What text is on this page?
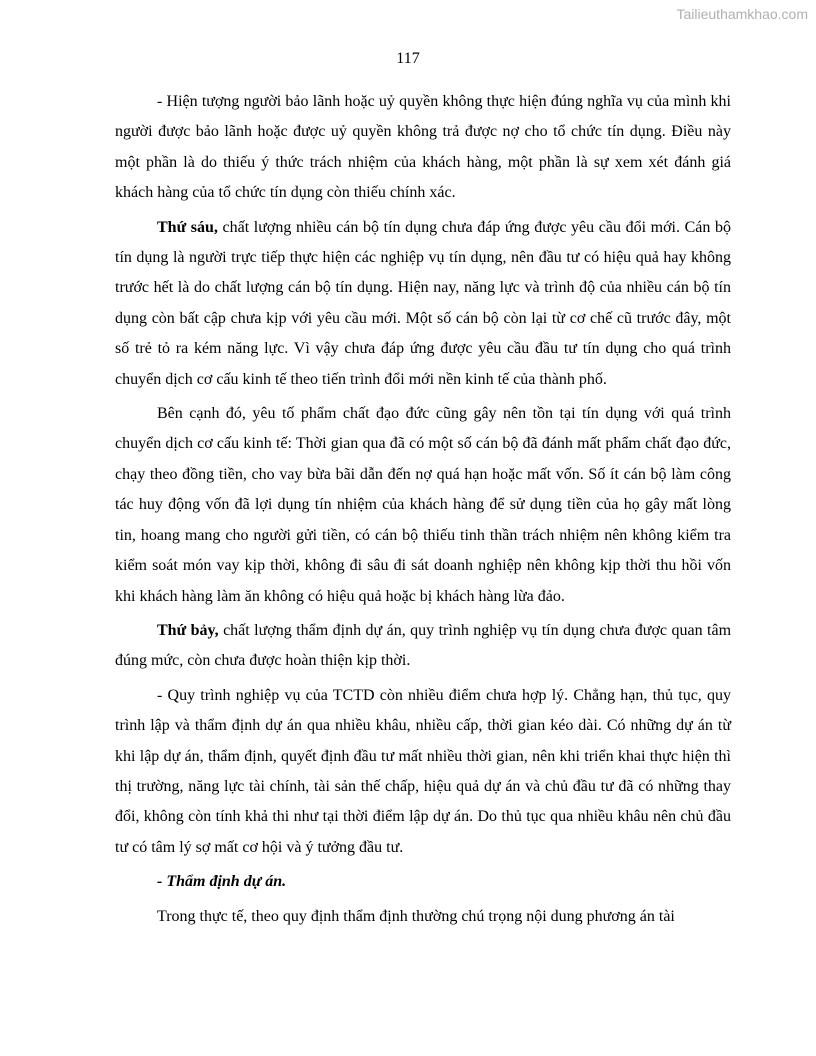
Tailieuthamkhao.com
117

- Hiện tượng người bảo lãnh hoặc uỷ quyền không thực hiện đúng nghĩa vụ của mình khi người được bảo lãnh hoặc được uỷ quyền không trả được nợ cho tổ chức tín dụng. Điều này một phần là do thiếu ý thức trách nhiệm của khách hàng, một phần là sự xem xét đánh giá khách hàng của tổ chức tín dụng còn thiếu chính xác.

Thứ sáu, chất lượng nhiều cán bộ tín dụng chưa đáp ứng được yêu cầu đổi mới. Cán bộ tín dụng là người trực tiếp thực hiện các nghiệp vụ tín dụng, nên đầu tư có hiệu quả hay không trước hết là do chất lượng cán bộ tín dụng. Hiện nay, năng lực và trình độ của nhiều cán bộ tín dụng còn bất cập chưa kịp với yêu cầu mới. Một số cán bộ còn lại từ cơ chế cũ trước đây, một số trẻ tỏ ra kém năng lực. Vì vậy chưa đáp ứng được yêu cầu đầu tư tín dụng cho quá trình chuyển dịch cơ cấu kinh tế theo tiến trình đổi mới nền kinh tế của thành phố.

Bên cạnh đó, yêu tố phẩm chất đạo đức cũng gây nên tồn tại tín dụng với quá trình chuyển dịch cơ cấu kinh tế: Thời gian qua đã có một số cán bộ đã đánh mất phẩm chất đạo đức, chạy theo đồng tiền, cho vay bừa bãi dẫn đến nợ quá hạn hoặc mất vốn. Số ít cán bộ làm công tác huy động vốn đã lợi dụng tín nhiệm của khách hàng để sử dụng tiền của họ gây mất lòng tin, hoang mang cho người gửi tiền, có cán bộ thiếu tinh thần trách nhiệm nên không kiểm tra kiểm soát món vay kịp thời, không đi sâu đi sát doanh nghiệp nên không kịp thời thu hồi vốn khi khách hàng làm ăn không có hiệu quả hoặc bị khách hàng lừa đảo.

Thứ bảy, chất lượng thẩm định dự án, quy trình nghiệp vụ tín dụng chưa được quan tâm đúng mức, còn chưa được hoàn thiện kịp thời.

- Quy trình nghiệp vụ của TCTD còn nhiều điểm chưa hợp lý. Chẳng hạn, thủ tục, quy trình lập và thẩm định dự án qua nhiều khâu, nhiều cấp, thời gian kéo dài. Có những dự án từ khi lập dự án, thẩm định, quyết định đầu tư mất nhiều thời gian, nên khi triển khai thực hiện thì thị trường, năng lực tài chính, tài sản thế chấp, hiệu quả dự án và chủ đầu tư đã có những thay đổi, không còn tính khả thi như tại thời điểm lập dự án. Do thủ tục qua nhiều khâu nên chủ đầu tư có tâm lý sợ mất cơ hội và ý tưởng đầu tư.

- Thẩm định dự án.

Trong thực tế, theo quy định thẩm định thường chú trọng nội dung phương án tài
